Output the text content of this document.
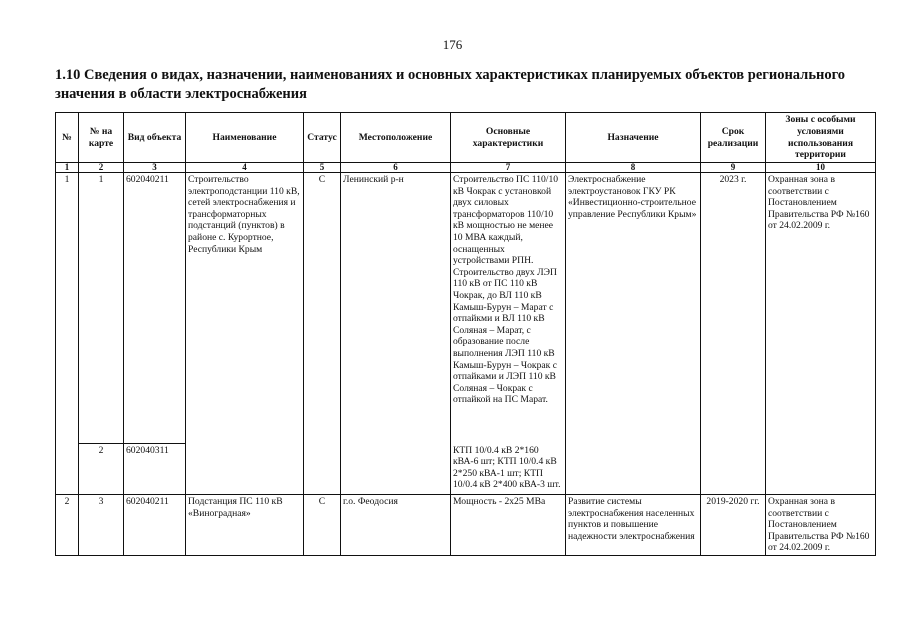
176
1.10 Сведения о видах, назначении, наименованиях и основных характеристиках планируемых объектов регионального значения в области электроснабжения
№	№ на карте	Вид объекта	Наименование	Статус	Местоположение	Основные характеристики	Назначение	Срок реализации	Зоны с особыми условиями использования территории
1	2	3	4	5	6	7	8	9	10
1	1	602040211	Строительство электроподстанции 110 кВ, сетей электроснабжения и трансформаторных подстанций (пунктов) в районе с. Курортное, Республики Крым	С	Ленинский р-н	Строительство ПС 110/10 кВ Чокрак с установкой двух силовых трансформаторов 110/10 кВ мощностью не менее 10 МВА каждый, оснащенных устройствами РПН. Строительство двух ЛЭП 110 кВ от ПС 110 кВ Чокрак, до ВЛ 110 кВ Камыш-Бурун – Марат с отпайкми и ВЛ 110 кВ Соляная – Марат, с образование после выполнения ЛЭП 110 кВ Камыш-Бурун – Чокрак с отпайками и ЛЭП 110 кВ Соляная – Чокрак с отпайкой на ПС Марат.	Электроснабжение электроустановок ГКУ РК «Инвестиционно-строительное управление Республики Крым»	2023 г.	Охранная зона в соответствии с Постановлением Правительства РФ №160 от 24.02.2009 г.
	2	602040311				КТП 10/0.4 кВ 2*160 кВА-6 шт; КТП 10/0.4 кВ 2*250 кВА-1 шт; КТП 10/0.4 кВ 2*400 кВА-3 шт.			
2	3	602040211	Подстанция ПС 110 кВ «Виноградная»	С	г.о. Феодосия	Мощность - 2х25 МВа	Развитие системы электроснабжения населенных пунктов и повышение надежности электроснабжения	2019-2020 гг.	Охранная зона в соответствии с Постановлением Правительства РФ №160 от 24.02.2009 г.
